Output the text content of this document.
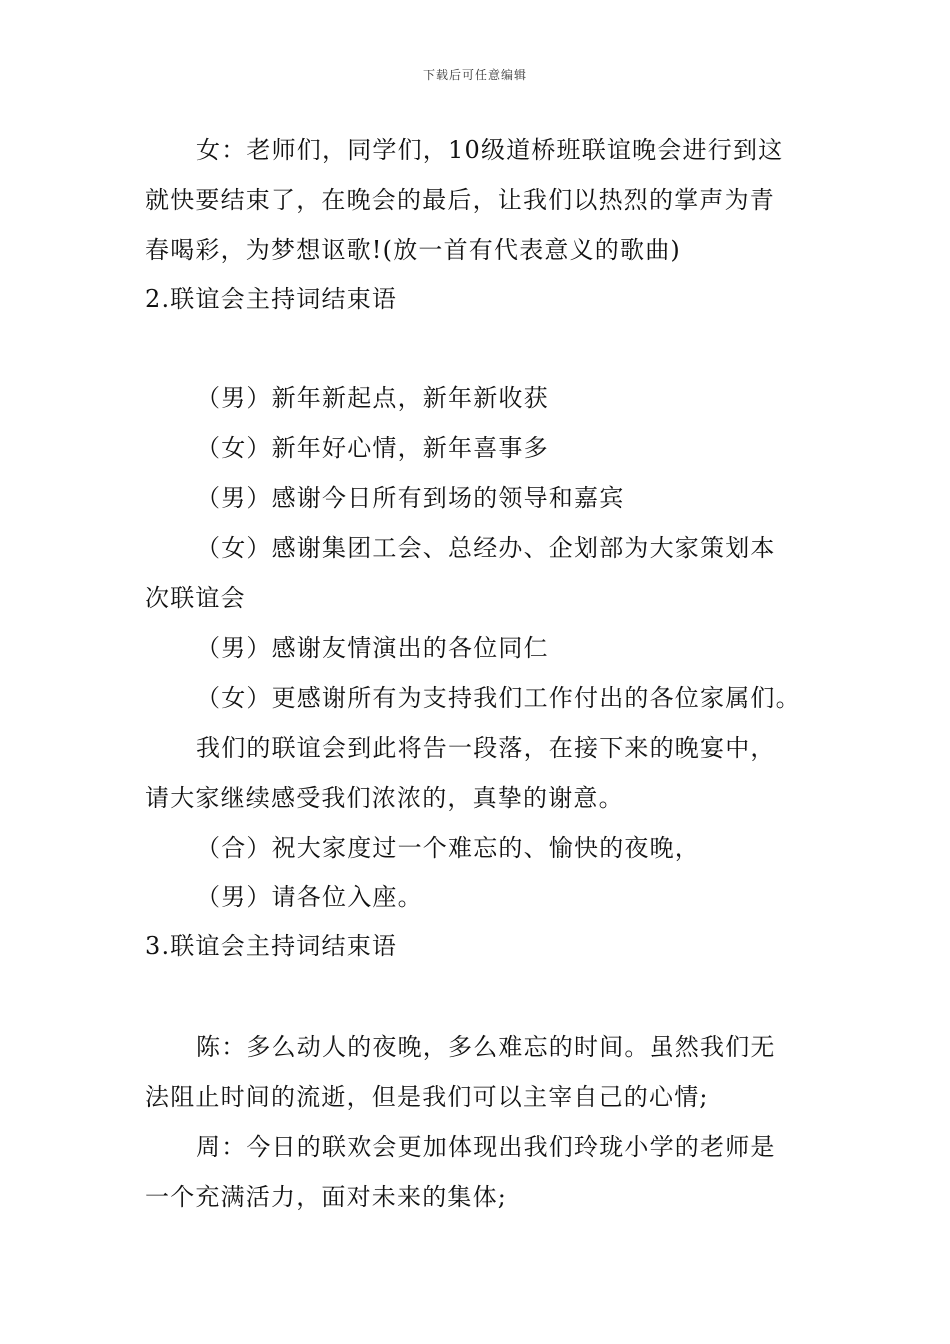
下载后可任意编辑
女：老师们，同学们，10级道桥班联谊晚会进行到这
就快要结束了，在晚会的最后，让我们以热烈的掌声为青
春喝彩，为梦想讴歌!(放一首有代表意义的歌曲)
2.联谊会主持词结束语
（男）新年新起点，新年新收获
（女）新年好心情，新年喜事多
（男）感谢今日所有到场的领导和嘉宾
（女）感谢集团工会、总经办、企划部为大家策划本
次联谊会
（男）感谢友情演出的各位同仁
（女）更感谢所有为支持我们工作付出的各位家属们。
我们的联谊会到此将告一段落，在接下来的晚宴中，
请大家继续感受我们浓浓的，真挚的谢意。
（合）祝大家度过一个难忘的、愉快的夜晚，
（男）请各位入座。
3.联谊会主持词结束语
陈：多么动人的夜晚，多么难忘的时间。虽然我们无
法阻止时间的流逝，但是我们可以主宰自己的心情;
周：今日的联欢会更加体现出我们玲珑小学的老师是
一个充满活力，面对未来的集体;
